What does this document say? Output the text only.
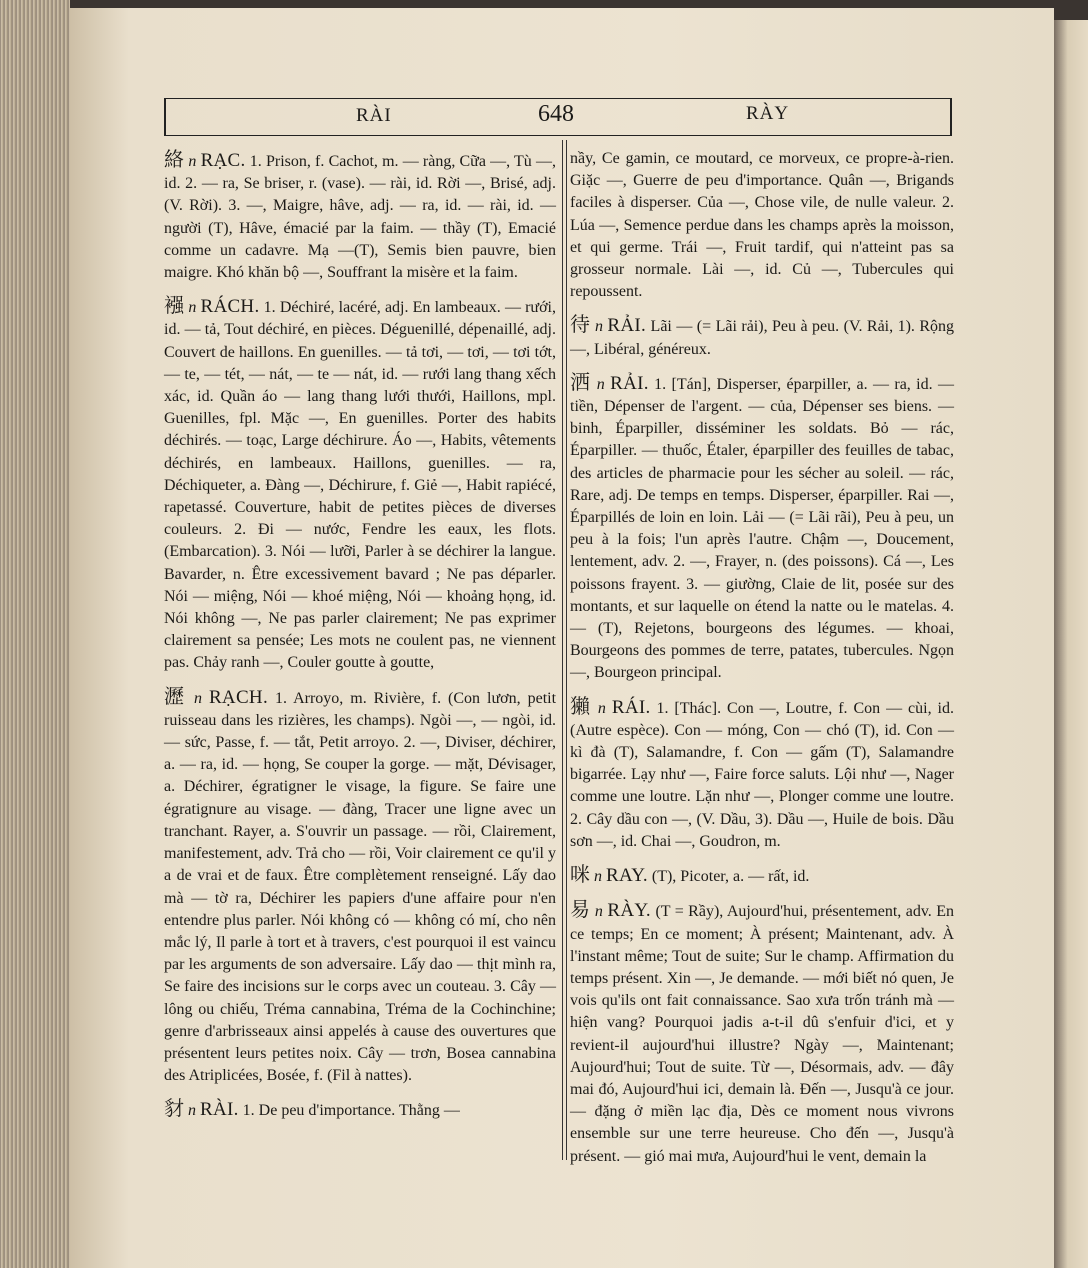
RÀI	648	RÀY

絡 n RẠC. 1. Prison, f. Cachot, m. — ràng, Cữa —, Tù —, id. 2. — ra, Se briser, r. (vase). — rài, id. Rời —, Brisé, adj. (V. Rời). 3. —, Maigre, hâve, adj. — ra, id. — rài, id. — người (T), Hâve, émacié par la faim. — thầy (T), Emacié comme un cadavre. Mạ —(T), Semis bien pauvre, bien maigre. Khó khăn bộ —, Souffrant la misère et la faim.

襁 n RÁCH. 1. Déchiré, lacéré, adj. En lambeaux. — rưới, id. — tả, Tout déchiré, en pièces. Déguenillé, dépenaillé, adj. Couvert de haillons. En guenilles. — tả tơi, — tơi, — tơi tớt, — te, — tét, — nát, — te — nát, id. — rưới lang thang xếch xác, id. Quần áo — lang thang lưới thưới, Haillons, mpl. Guenilles, fpl. Mặc —, En guenilles. Porter des habits déchirés. — toạc, Large déchirure. Áo —, Habits, vêtements déchirés, en lambeaux. Haillons, guenilles. — ra, Déchiqueter, a. Đàng —, Déchirure, f. Giẻ —, Habit rapiécé, rapetassé. Couverture, habit de petites pièces de diverses couleurs. 2. Đi — nước, Fendre les eaux, les flots. (Embarcation). 3. Nói — lưỡi, Parler à se déchirer la langue. Bavarder, n. Être excessivement bavard ; Ne pas déparler. Nói — miệng, Nói — khoé miệng, Nói — khoảng họng, id. Nói không —, Ne pas parler clairement; Ne pas exprimer clairement sa pensée; Les mots ne coulent pas, ne viennent pas. Chảy ranh —, Couler goutte à goutte,

瀝 n RẠCH. 1. Arroyo, m. Rivière, f. (Con lươn, petit ruisseau dans les rizières, les champs). Ngòi —, — ngòi, id. — sức, Passe, f. — tắt, Petit arroyo. 2. —, Diviser, déchirer, a. — ra, id. — họng, Se couper la gorge. — mặt, Dévisager, a. Déchirer, égratigner le visage, la figure. Se faire une égratignure au visage. — đàng, Tracer une ligne avec un tranchant. Rayer, a. S'ouvrir un passage. — rồi, Clairement, manifestement, adv. Trả cho — rồi, Voir clairement ce qu'il y a de vrai et de faux. Être complètement renseigné. Lấy dao mà — tờ ra, Déchirer les papiers d'une affaire pour n'en entendre plus parler. Nói không có — không có mí, cho nên mắc lý, Il parle à tort et à travers, c'est pourquoi il est vaincu par les arguments de son adversaire. Lấy dao — thịt mình ra, Se faire des incisions sur le corps avec un couteau. 3. Cây — lông ou chiếu, Tréma cannabina, Tréma de la Cochinchine; genre d'arbrisseaux ainsi appelés à cause des ouvertures que présentent leurs petites noix. Cây — trơn, Bosea cannabina des Atriplicées, Bosée, f. (Fil à nattes).

豺 n RÀI. 1. De peu d'importance. Thằng —

nầy, Ce gamin, ce moutard, ce morveux, ce propre-à-rien. Giặc —, Guerre de peu d'importance. Quân —, Brigands faciles à disperser. Của —, Chose vile, de nulle valeur. 2. Lúa —, Semence perdue dans les champs après la moisson, et qui germe. Trái —, Fruit tardif, qui n'atteint pas sa grosseur normale. Lài —, id. Củ —, Tubercules qui repoussent.

待 n RẢI. Lãi — (= Lãi rải), Peu à peu. (V. Rải, 1). Rộng —, Libéral, généreux.

洒 n RẢI. 1. [Tán], Disperser, éparpiller, a. — ra, id. — tiền, Dépenser de l'argent. — của, Dépenser ses biens. — binh, Éparpiller, disséminer les soldats. Bỏ — rác, Éparpiller. — thuốc, Étaler, éparpiller des feuilles de tabac, des articles de pharmacie pour les sécher au soleil. — rác, Rare, adj. De temps en temps. Disperser, éparpiller. Rai —, Éparpillés de loin en loin. Lải — (= Lãi rãi), Peu à peu, un peu à la fois; l'un après l'autre. Chậm —, Doucement, lentement, adv. 2. —, Frayer, n. (des poissons). Cá —, Les poissons frayent. 3. — giường, Claie de lit, posée sur des montants, et sur laquelle on étend la natte ou le matelas. 4. — (T), Rejetons, bourgeons des légumes. — khoai, Bourgeons des pommes de terre, patates, tubercules. Ngọn —, Bourgeon principal.

獺 n RÁI. 1. [Thác]. Con —, Loutre, f. Con — cùi, id. (Autre espèce). Con — móng, Con — chó (T), id. Con — kì đà (T), Salamandre, f. Con — gấm (T), Salamandre bigarrée. Lạy như —, Faire force saluts. Lội như —, Nager comme une loutre. Lặn như —, Plonger comme une loutre. 2. Cây dầu con —, (V. Dầu, 3). Dầu —, Huile de bois. Dầu sơn —, id. Chai —, Goudron, m.

咪 n RAY. (T), Picoter, a. — rất, id.

易 n RÀY. (T = Rầy), Aujourd'hui, présentement, adv. En ce temps; En ce moment; À présent; Maintenant, adv. À l'instant même; Tout de suite; Sur le champ. Affirmation du temps présent. Xin —, Je demande. — mới biết nó quen, Je vois qu'ils ont fait connaissance. Sao xưa trốn tránh mà — hiện vang? Pourquoi jadis a-t-il dû s'enfuir d'ici, et y revient-il aujourd'hui illustre? Ngày —, Maintenant; Aujourd'hui; Tout de suite. Từ —, Désormais, adv. — đây mai đó, Aujourd'hui ici, demain là. Đến —, Jusqu'à ce jour. — đặng ở miền lạc địa, Dès ce moment nous vivrons ensemble sur une terre heureuse. Cho đến —, Jusqu'à présent. — gió mai mưa, Aujourd'hui le vent, demain la
